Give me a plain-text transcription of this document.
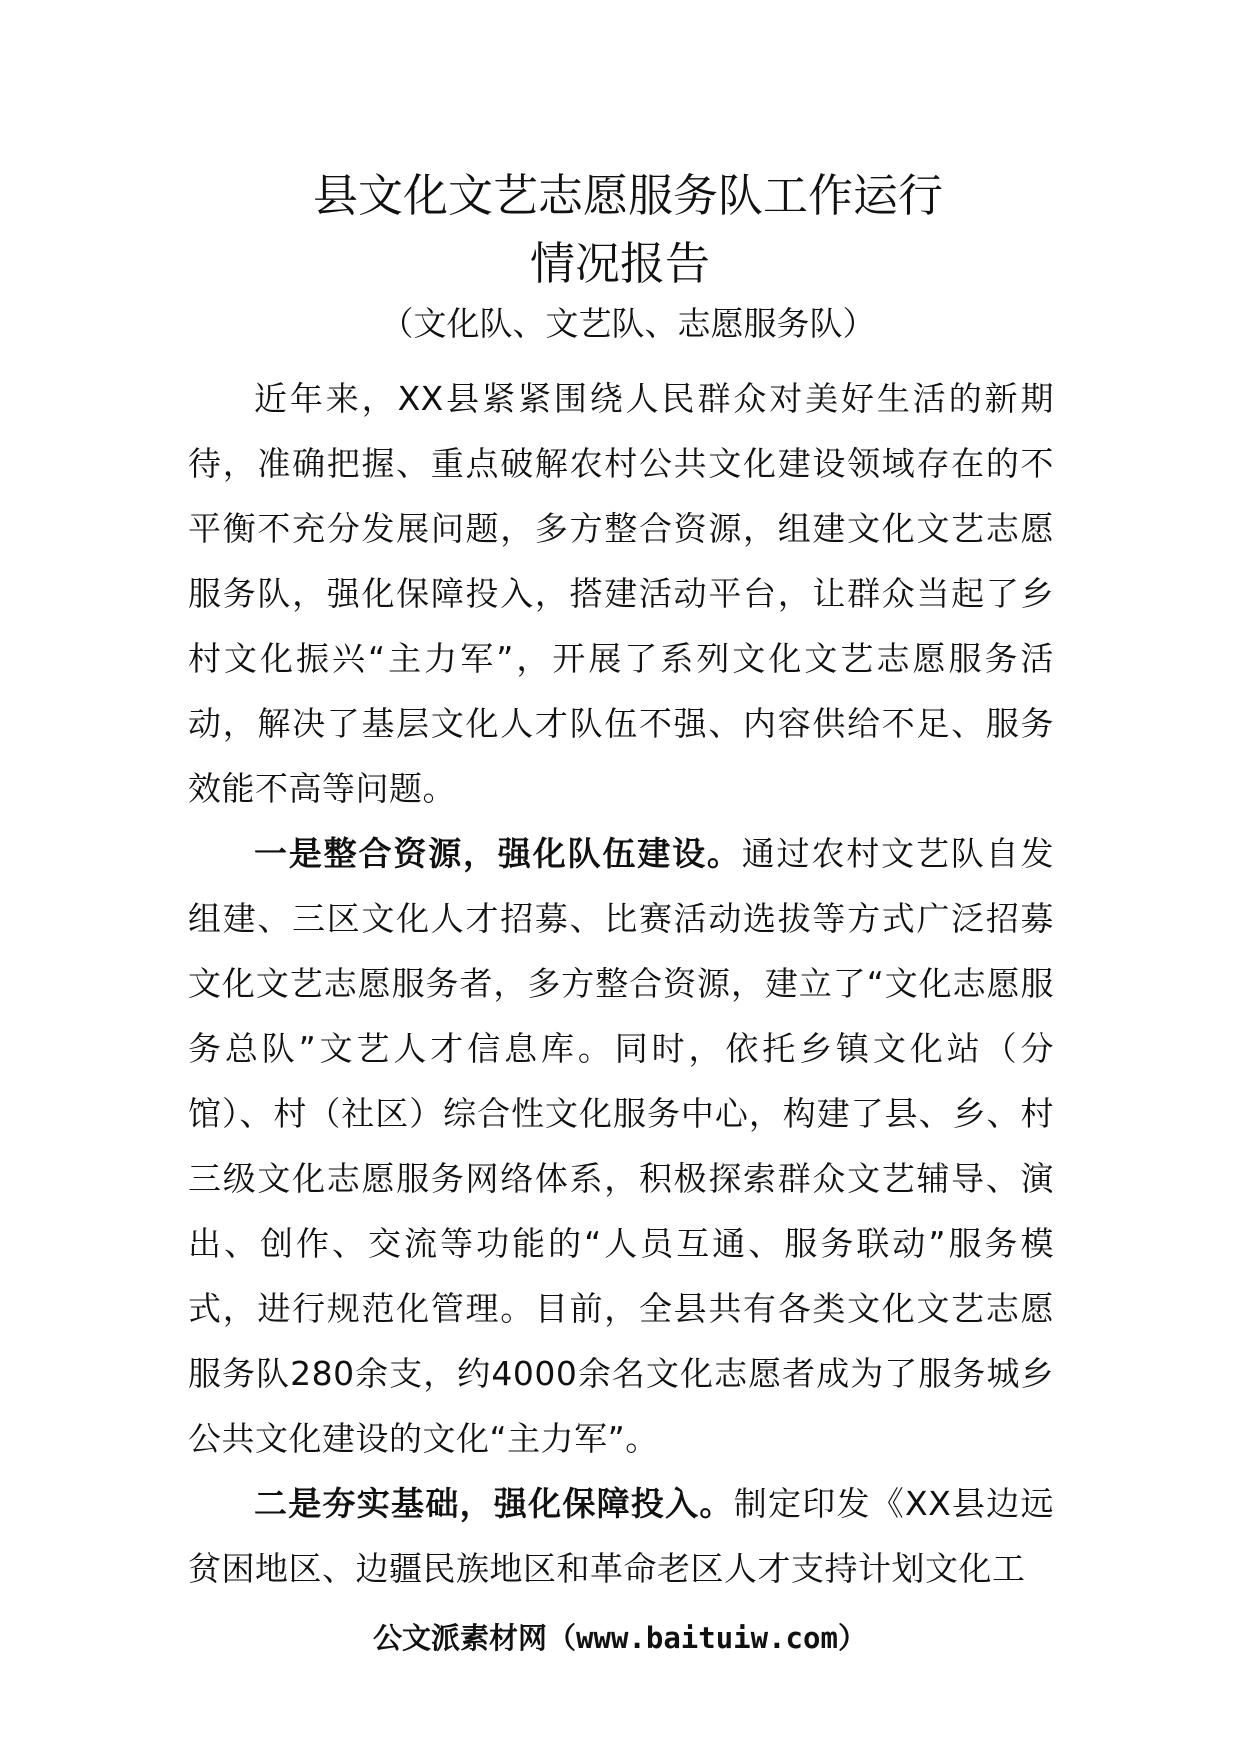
县文化文艺志愿服务队工作运行
情况报告
（文化队、文艺队、志愿服务队）

近年来，XX县紧紧围绕人民群众对美好生活的新期待，准确把握、重点破解农村公共文化建设领域存在的不平衡不充分发展问题，多方整合资源，组建文化文艺志愿服务队，强化保障投入，搭建活动平台，让群众当起了乡村文化振兴“主力军”，开展了系列文化文艺志愿服务活动，解决了基层文化人才队伍不强、内容供给不足、服务效能不高等问题。

一是整合资源，强化队伍建设。通过农村文艺队自发组建、三区文化人才招募、比赛活动选拔等方式广泛招募文化文艺志愿服务者，多方整合资源，建立了“文化志愿服务总队”文艺人才信息库。同时，依托乡镇文化站（分馆）、村（社区）综合性文化服务中心，构建了县、乡、村三级文化志愿服务网络体系，积极探索群众文艺辅导、演出、创作、交流等功能的“人员互通、服务联动”服务模式，进行规范化管理。目前，全县共有各类文化文艺志愿服务队280余支，约4000余名文化志愿者成为了服务城乡公共文化建设的文化“主力军”。

二是夯实基础，强化保障投入。制定印发《XX县边远贫困地区、边疆民族地区和革命老区人才支持计划文化工

公文派素材网（www.baituiw.com）
